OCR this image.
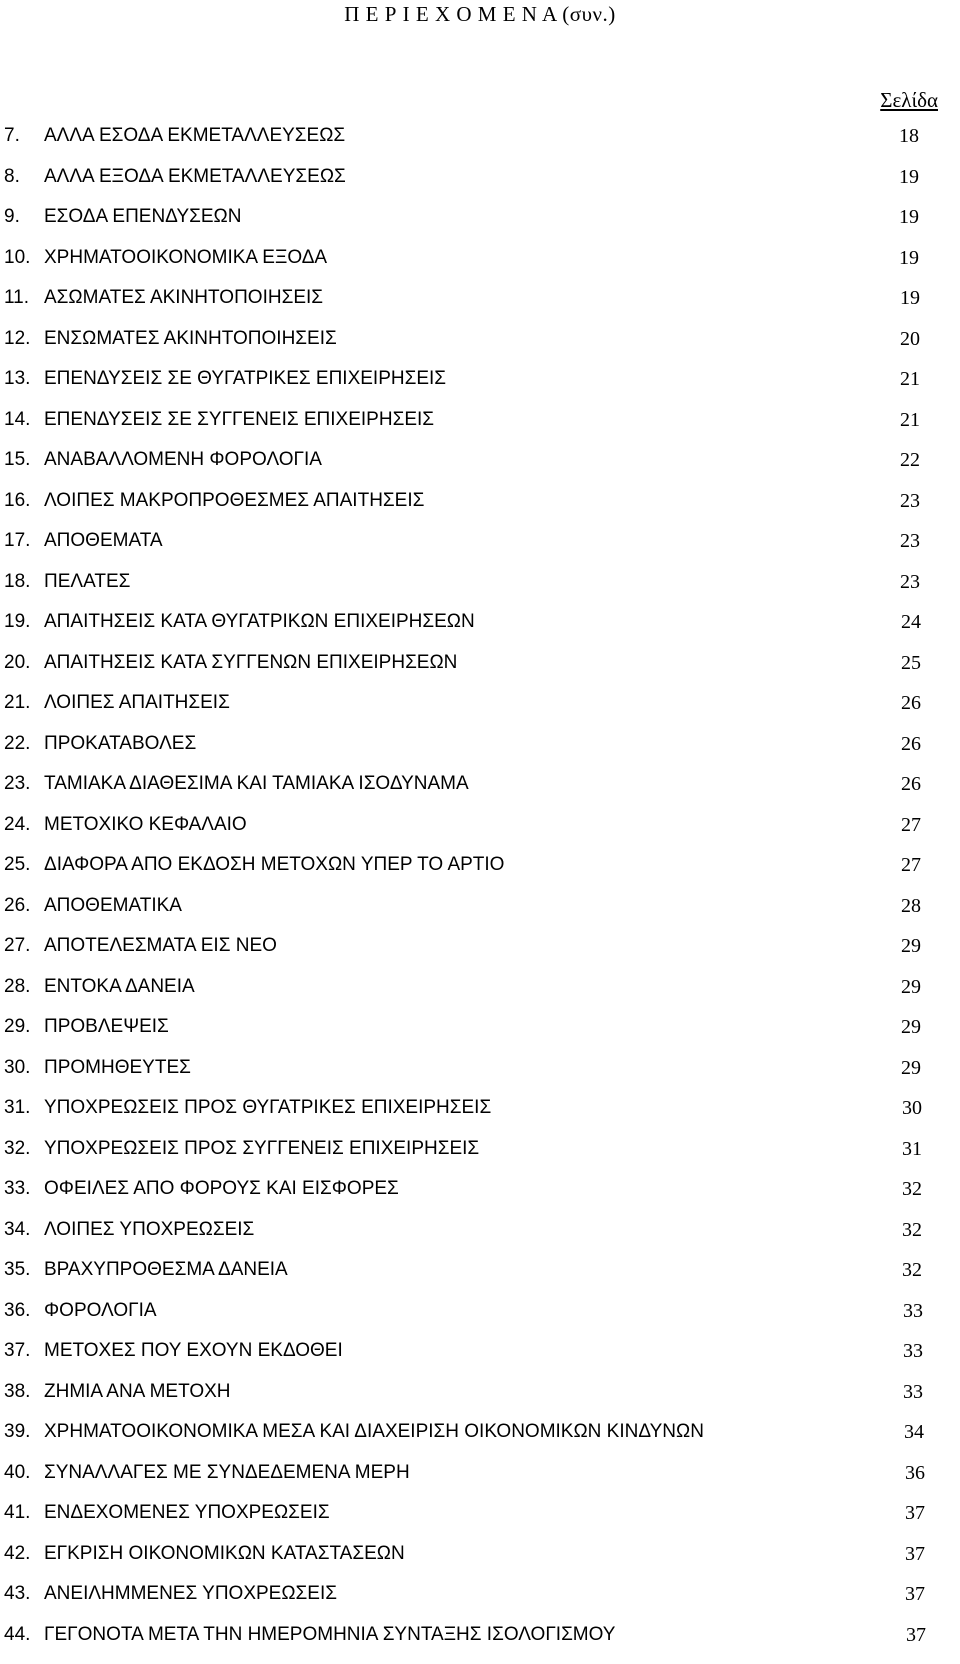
Π Ε Ρ Ι Ε Χ Ο Μ Ε Ν Α (συν.)
Σελίδα
7. ΑΛΛΑ ΕΣΟΔΑ ΕΚΜΕΤΑΛΛΕΥΣΕΩΣ	18
8. ΑΛΛΑ ΕΞΟΔΑ ΕΚΜΕΤΑΛΛΕΥΣΕΩΣ	19
9. ΕΣΟΔΑ ΕΠΕΝΔΥΣΕΩΝ	19
10. ΧΡΗΜΑΤΟΟΙΚΟΝΟΜΙΚΑ ΕΞΟΔΑ	19
11. ΑΣΩΜΑΤΕΣ ΑΚΙΝΗΤΟΠΟΙΗΣΕΙΣ	19
12. ΕΝΣΩΜΑΤΕΣ ΑΚΙΝΗΤΟΠΟΙΗΣΕΙΣ	20
13. ΕΠΕΝΔΥΣΕΙΣ ΣΕ ΘΥΓΑΤΡΙΚΕΣ ΕΠΙΧΕΙΡΗΣΕΙΣ	21
14. ΕΠΕΝΔΥΣΕΙΣ ΣΕ ΣΥΓΓΕΝΕΙΣ ΕΠΙΧΕΙΡΗΣΕΙΣ	21
15. ΑΝΑΒΑΛΛΟΜΕΝΗ ΦΟΡΟΛΟΓΙΑ	22
16. ΛΟΙΠΕΣ ΜΑΚΡΟΠΡΟΘΕΣΜΕΣ ΑΠΑΙΤΗΣΕΙΣ	23
17. ΑΠΟΘΕΜΑΤΑ	23
18. ΠΕΛΑΤΕΣ	23
19. ΑΠΑΙΤΗΣΕΙΣ ΚΑΤΑ ΘΥΓΑΤΡΙΚΩΝ ΕΠΙΧΕΙΡΗΣΕΩΝ	24
20. ΑΠΑΙΤΗΣΕΙΣ ΚΑΤΑ ΣΥΓΓΕΝΩΝ ΕΠΙΧΕΙΡΗΣΕΩΝ	25
21. ΛΟΙΠΕΣ ΑΠΑΙΤΗΣΕΙΣ	26
22. ΠΡΟΚΑΤΑΒΟΛΕΣ	26
23. ΤΑΜΙΑΚΑ ΔΙΑΘΕΣΙΜΑ ΚΑΙ ΤΑΜΙΑΚΑ ΙΣΟΔΥΝΑΜΑ	26
24. ΜΕΤΟΧΙΚΟ ΚΕΦΑΛΑΙΟ	27
25. ΔΙΑΦΟΡΑ ΑΠΟ ΕΚΔΟΣΗ ΜΕΤΟΧΩΝ ΥΠΕΡ ΤΟ ΑΡΤΙΟ	27
26. ΑΠΟΘΕΜΑΤΙΚΑ	28
27. ΑΠΟΤΕΛΕΣΜΑΤΑ ΕΙΣ ΝΕΟ	29
28. ΕΝΤΟΚΑ ΔΑΝΕΙΑ	29
29. ΠΡΟΒΛΕΨΕΙΣ	29
30. ΠΡΟΜΗΘΕΥΤΕΣ	29
31. ΥΠΟΧΡΕΩΣΕΙΣ ΠΡΟΣ ΘΥΓΑΤΡΙΚΕΣ ΕΠΙΧΕΙΡΗΣΕΙΣ	30
32. ΥΠΟΧΡΕΩΣΕΙΣ ΠΡΟΣ ΣΥΓΓΕΝΕΙΣ ΕΠΙΧΕΙΡΗΣΕΙΣ	31
33. ΟΦΕΙΛΕΣ ΑΠΟ ΦΟΡΟΥΣ ΚΑΙ ΕΙΣΦΟΡΕΣ	32
34. ΛΟΙΠΕΣ ΥΠΟΧΡΕΩΣΕΙΣ	32
35. ΒΡΑΧΥΠΡΟΘΕΣΜΑ ΔΑΝΕΙΑ	32
36. ΦΟΡΟΛΟΓΙΑ	33
37. ΜΕΤΟΧΕΣ ΠΟΥ ΕΧΟΥΝ ΕΚΔΟΘΕΙ	33
38. ΖΗΜΙΑ ΑΝΑ ΜΕΤΟΧΗ	33
39. ΧΡΗΜΑΤΟΟΙΚΟΝΟΜΙΚΑ ΜΕΣΑ ΚΑΙ ΔΙΑΧΕΙΡΙΣΗ ΟΙΚΟΝΟΜΙΚΩΝ ΚΙΝΔΥΝΩΝ	34
40. ΣΥΝΑΛΛΑΓΕΣ ΜΕ ΣΥΝΔΕΔΕΜΕΝΑ ΜΕΡΗ	36
41. ΕΝΔΕΧΟΜΕΝΕΣ ΥΠΟΧΡΕΩΣΕΙΣ	37
42. ΕΓΚΡΙΣΗ ΟΙΚΟΝΟΜΙΚΩΝ ΚΑΤΑΣΤΑΣΕΩΝ	37
43. ΑΝΕΙΛΗΜΜΕΝΕΣ ΥΠΟΧΡΕΩΣΕΙΣ	37
44. ΓΕΓΟΝΟΤΑ ΜΕΤΑ ΤΗΝ ΗΜΕΡΟΜΗΝΙΑ ΣΥΝΤΑΞΗΣ ΙΣΟΛΟΓΙΣΜΟΥ	37
